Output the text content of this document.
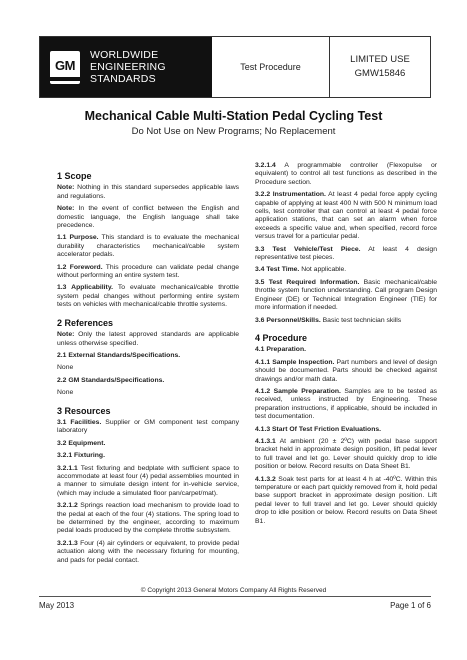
GM
WORLDWIDE
ENGINEERING
STANDARDS
Test Procedure
LIMITED USE
GMW15846
Mechanical Cable Multi-Station Pedal Cycling Test
Do Not Use on New Programs; No Replacement
1 Scope

Note: Nothing in this standard supersedes applicable laws and regulations.

Note: In the event of conflict between the English and domestic language, the English language shall take precedence.

1.1 Purpose. This standard is to evaluate the mechanical durability characteristics mechanical/cable system accelerator pedals.

1.2 Foreword. This procedure can validate pedal change without performing an entire system test.

1.3 Applicability. To evaluate mechanical/cable throttle system pedal changes without performing entire system tests on vehicles with mechanical/cable throttle systems.

2 References

Note: Only the latest approved standards are applicable unless otherwise specified.

2.1 External Standards/Specifications.

None

2.2 GM Standards/Specifications.

None

3 Resources

3.1 Facilities. Supplier or GM component test company laboratory

3.2 Equipment.
3.2.1 Fixturing.

3.2.1.1 Test fixturing and bedplate with sufficient space to accommodate at least four (4) pedal assemblies mounted in a manner to simulate design intent for in-vehicle service, (which may include a simulated floor pan/carpet/mat).

3.2.1.2 Springs reaction load mechanism to provide load to the pedal at each of the four (4) stations. The spring load to be determined by the engineer, according to maximum pedal loads produced by the complete throttle subsystem.

3.2.1.3 Four (4) air cylinders or equivalent, to provide pedal actuation along with the necessary fixturing for mounting, and pads for pedal contact.

3.2.1.4 A programmable controller (Flexopulse or equivalent) to control all test functions as described in the Procedure section.

3.2.2 Instrumentation. At least 4 pedal force apply cycling capable of applying at least 400 N with 500 N minimum load cells, test controller that can control at least 4 pedal force application stations, that can set an alarm when force exceeds a specific value and, when specified, record force versus travel for a particular pedal.

3.3 Test Vehicle/Test Piece. At least 4 design representative test pieces.

3.4 Test Time. Not applicable.

3.5 Test Required Information. Basic mechanical/cable throttle system function understanding. Call program Design Engineer (DE) or Technical Integration Engineer (TIE) for more information if needed.

3.6 Personnel/Skills. Basic test technician skills

4 Procedure
4.1 Preparation.

4.1.1 Sample Inspection. Part numbers and level of design should be documented. Parts should be checked against drawings and/or math data.

4.1.2 Sample Preparation. Samples are to be tested as received, unless instructed by Engineering. These preparation instructions, if applicable, should be included in test documentation.

4.1.3 Start Of Test Friction Evaluations.

4.1.3.1 At ambient (20 ± 2ºC) with pedal base support bracket held in approximate design position, lift pedal lever to full travel and let go. Lever should quickly drop to idle position or below. Record results on Data Sheet B1.

4.1.3.2 Soak test parts for at least 4 h at -40ºC. Within this temperature or each part quickly removed from it, hold pedal base support bracket in approximate design position. Lift pedal lever to full travel and let go. Lever should quickly drop to idle position or below. Record results on Data Sheet B1.

© Copyright 2013 General Motors Company All Rights Reserved
May 2013	Page 1 of 6
